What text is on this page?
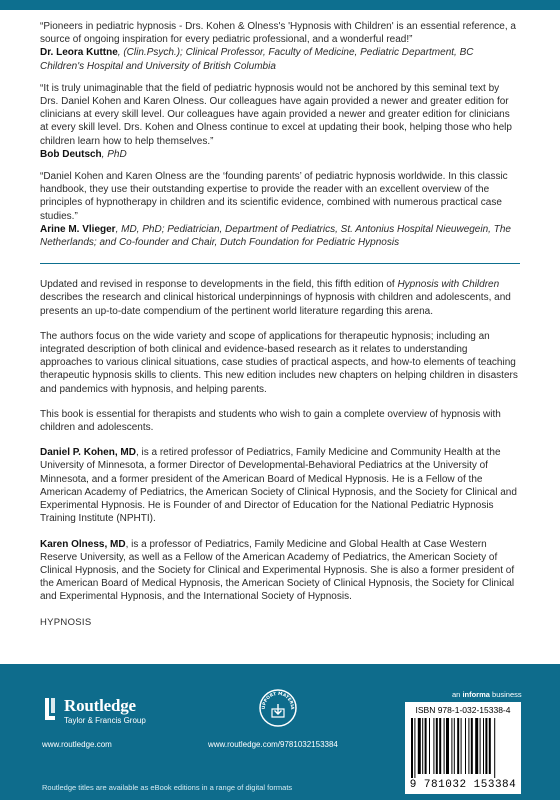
“Pioneers in pediatric hypnosis - Drs. Kohen & Olness's 'Hypnosis with Children' is an essential reference, a source of ongoing inspiration for every pediatric professional, and a wonderful read!”

Dr. Leora Kuttne, (Clin.Psych.); Clinical Professor, Faculty of Medicine, Pediatric Department, BC Children's Hospital and University of British Columbia

“It is truly unimaginable that the field of pediatric hypnosis would not be anchored by this seminal text by Drs. Daniel Kohen and Karen Olness. Our colleagues have again provided a newer and greater edition for clinicians at every skill level. Our colleagues have again provided a newer and greater edition for clinicians at every skill level. Drs. Kohen and Olness continue to excel at updating their book, helping those who help children learn how to help themselves.”

Bob Deutsch, PhD

“Daniel Kohen and Karen Olness are the ‘founding parents’ of pediatric hypnosis worldwide. In this classic handbook, they use their outstanding expertise to provide the reader with an excellent overview of the principles of hypnotherapy in children and its scientific evidence, combined with numerous practical case studies.”

Arine M. Vlieger, MD, PhD; Pediatrician, Department of Pediatrics, St. Antonius Hospital Nieuwegein, The Netherlands; and Co-founder and Chair, Dutch Foundation for Pediatric Hypnosis

Updated and revised in response to developments in the field, this fifth edition of Hypnosis with Children describes the research and clinical historical underpinnings of hypnosis with children and adolescents, and presents an up-to-date compendium of the pertinent world literature regarding this arena.

The authors focus on the wide variety and scope of applications for therapeutic hypnosis; including an integrated description of both clinical and evidence-based research as it relates to understanding approaches to various clinical situations, case studies of practical aspects, and how-to elements of teaching therapeutic hypnosis skills to clients. This new edition includes new chapters on helping children in disasters and pandemics with hypnosis, and helping parents.

This book is essential for therapists and students who wish to gain a complete overview of hypnosis with children and adolescents.

Daniel P. Kohen, MD, is a retired professor of Pediatrics, Family Medicine and Community Health at the University of Minnesota, a former Director of Developmental-Behavioral Pediatrics at the University of Minnesota, and a former president of the American Board of Medical Hypnosis. He is a Fellow of the American Academy of Pediatrics, the American Society of Clinical Hypnosis, and the Society for Clinical and Experimental Hypnosis. He is Founder of and Director of Education for the National Pediatric Hypnosis Training Institute (NPHTI).

Karen Olness, MD, is a professor of Pediatrics, Family Medicine and Global Health at Case Western Reserve University, as well as a Fellow of the American Academy of Pediatrics, the American Society of Clinical Hypnosis, and the Society for Clinical and Experimental Hypnosis. She is also a former president of the American Board of Medical Hypnosis, the American Society of Clinical Hypnosis, the Society for Clinical and Experimental Hypnosis, and the International Society of Hypnosis.

HYPNOSIS
Routledge
Taylor & Francis Group
www.routledge.com
UPPORT MATERIA
www.routledge.com/9781032153384
an informa business
ISBN 978-1-032-15338-4
9 781032 153384
Routledge titles are available as eBook editions in a range of digital formats
